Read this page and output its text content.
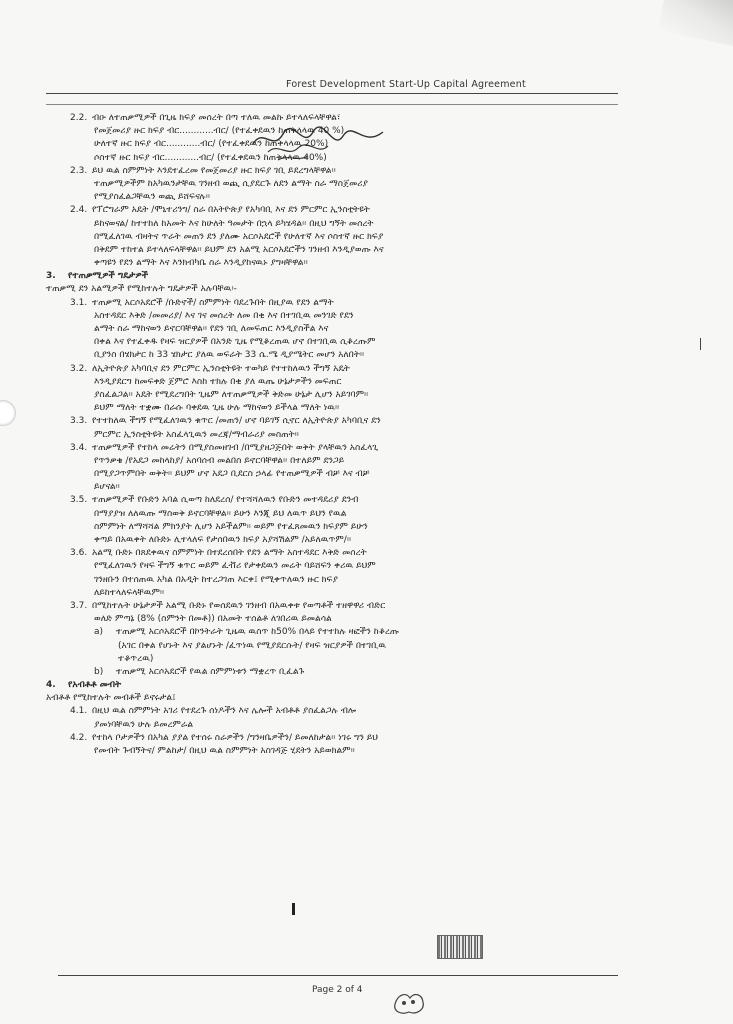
Forest Development Start-Up Capital Agreement
2.2. ብዑ ለተጠቃሚዎች በጊዜ ክፍያ መሰረት በጣ ተለዉ መልኩ ይተላለፍላቸዋል፣
የመጀመሪያ ዙር ክፍያ ብር............ብር/ (የተፈቀደዉን ከጠቅላላዉ 40 %)
ሁለተኛ ዙር ክፍያ ብር............ብር/ (የተፈቀደዉን ከጠቅላላዉ 20%)
ሶስተኛ ዙር ክፍያ ብር............ብር/ (የተፈቀደዉን ከጠቅላላዉ 40%)
2.3. ይህ ዉል ስምምነት እንደተፈረመ የመጀመሪያ ዙር ክፍያ ገቢ ይደረግላቸዋል፡፡
ተጠቃሚዎችም ከአካዉንታቸዉ ገንዘብ ወጪ ሲያደርጉ ለደን ልማት ስራ ማስጀመሪያ
የሚያስፈልጋቸዉን ወጪ ይሸፍናሉ፡፡
2.4. የፕሮግራም አዴት /ሞኒተሪንግ/ ስራ በአትዮጵያ የአካባቢ እና ደን ምርምር ኢንስቲትዩት
ይከናወናል/ ከተተከለ ከአመት እና ከሁለት ዓመታት በኋላ ይካሄዳል፡፡ በዚህ ግኝት መሰረት
በሚፈለገዉ ብዛትና ጥራት መጠን ደን ያለሙ አርሶአደሮች የሁለተኛ እና ሶስተኛ ዙር ክፍያ
በቅደም ተከተል ይተላለፍላቸዋል፡፡ ይህም ደን አልሚ አርሶአደሮችን ገንዘብ እንዲያወጡ እና
ቀጣዩን የደን ልማት እና እንክብካቤ ስራ እንዲያከናዉኑ ያግዛቸዋል፡፡
3. የተጠቃሚዎች ግዴታዎች
ተጠቃሚ ደን አልሚዎች የሚከተሉት ግዴታዎች አሉባቸዉ፡-
3.1. ተጠቃሚ አርሶአደሮች /ቡድኖች/ ስምምነት ባደረጉበት በዚያዉ የደን ልማት
አስተዳደር እቅድ /መመሪያ/ እና ገና መሰረት ለመ በቂ እና በተገቢዉ መንገድ የደን
ልማት ስራ ማከናወን ይኖርባቸዋል፡፡ የደን ገቢ ለመፍጠር እንዲያስችል እና
በቀል እና የተፈቀዱ የዛፍ ዝርያዎች በአንድ ጊዜ የሚቆረጠዉ ሆኖ በተገቢዉ ሲቆረጡም
ቢያንስ በሄክታር ከ 33 ሄክታር ያለዉ ወፍራት 33 ሴ.ሜ ዲያሜትር መሆን አለበት፡፡
3.2. ለኢትዮጵያ አካባቢና ደን ምርምር ኢንስቲትዩት ተወካይ የተተከለዉን ችግኝ አዴት
እንዲያደርግ ከመፍቀድ ጀምሮ እስከ ተክሉ በቂ ያለ ዉጤ ሁኔታዎችን መፍጠር
ያስፈልጋል፡፡ አዴት የሚደረግበት ጊዜም ለተጠቃሚዎች ቅድመ ሁኔታ ሊሆን አይገባም፡፡
ይህም ማለት ተቋሙ በራሱ ባቀደዉ ጊዜ ሁሉ ማከናወን ይችላል ማለት ነዉ፡፡
3.3. የተተከለዉ ችግኝ የሚፈለገዉን ቁጥር /መጠን/ ሆኖ ባይገኝ ሲኖር ለኢትዮጵያ አካባቢና ደን
ምርምር ኢንስቲትዩት አስፈላጊዉን መረጃ/ማብራሪያ መስጠት፡፡
3.4. ተጠቃሚዎች የተከላ መሬትን በሚያስመዘገብ /በሚያዘጋጅበት ወቅት ያላቸዉን አስፈላጊ
የጥንቃቄ /የአደጋ መከላከያ/ አሰባሰብ መልበስ ይኖርባቸዋል፡፡ በተለይም ደንጋይ
በሚያጋጥምበት ወቅት፡፡ ይህም ሆኖ አደጋ ቢደርስ ኃላፊ የተጠቃሚዎች ብቻ እና ብቻ
ይሆናል፡፡
3.5. ተጠቃሚዎች የቡድን አባል ሲወጣ ከለደረሰ/ የተሻሻለዉን የቡድን መተዳደሪያ ደንብ
በማያያዝ ለለዉጡ ማስወቅ ይኖርባቸዋል፡፡ ይሁን እንጂ ይህ ለዉጥ ይህን የዉል
ስምምነት ለማሻሻል ምክንያት ሊሆን አይችልም፡፡ ወይም የተፈጸመዉን ክፍያም ይሁን
ቀጣይ በአዉቀት ለቡድኑ ሊተላለፍ የታሰበዉን ክፍያ አያሻሽልም /አይለዉጥም/፡፡
3.6. አልሚ ቡድኑ በጸደቀዉና ስምምነት በተደረሰበት የደን ልማት አስተዳደር እቅድ መሰረት
የሚፈለገዉን የዛፍ ችግኝ ቁጥር ወይም ፈቭሪ የታቀደዉን መሬት ባይሸፍን ቀሪዉ ይህም
ገንዘቡን በተሰጠዉ አካል በአዲት ከተረጋገጠ እርቀ፤ የሚቀጥለዉን ዙር ክፍያ
ለይከተላለፍላቸዉም፡፡
3.7. በሚከተሉት ሁኔታዎች አልሚ ቡድኑ የወሰደዉን ገንዘብ በአዉቀቱ የወጣቶች ተዘዋዋሪ ብድር
ወለድ ምጣኔ (8% (ስምንት በመቶ)) በአመት ተሰልቶ ለገበሪዉ ይመልሳል
a) ተጠቃሚ አርሶአደሮች በኮንትራት ጊዜዉ ዉስጥ ከ50% በላይ የተተከሉ ዛፎችን ከቆረጡ
(አገር በቀል የሆኑት እና ያልሆኑት /ፈጥነዉ የሚያደርሱት/ የዛፍ ዝርያዎች በተገቢዉ
ተቆጥረዉ)
b) ተጠቃሚ አርሶአደሮች የዉል ስምምነቱን ማቋረጥ ቢፈልጉ
4. የአብቶቶ መብት
አብቶቶ የሚከተሉት መብቶች ይኖሩታል፤
4.1. በዚህ ዉል ስምምነት አገሪ የተደረጉ ሰነዶችን እና ሌሎች አብቶቶ ያስፈልጋሉ ብሎ
ያመነባቸዉን ሁሉ ይመረምራል
4.2. የተከላ ቦታዎችን በአካል ያያል የተሰሩ ስራዎችን /ግንዛቤዎችን/ ይመለከታል፡፡ ነገሩ ግን ይህ
የመብት ጉብኝትና/ ምልከታ/ በዚህ ዉል ስምምነት አስገዳጅ ሂደትን አይወክልም፡፡
Page 2 of 4
